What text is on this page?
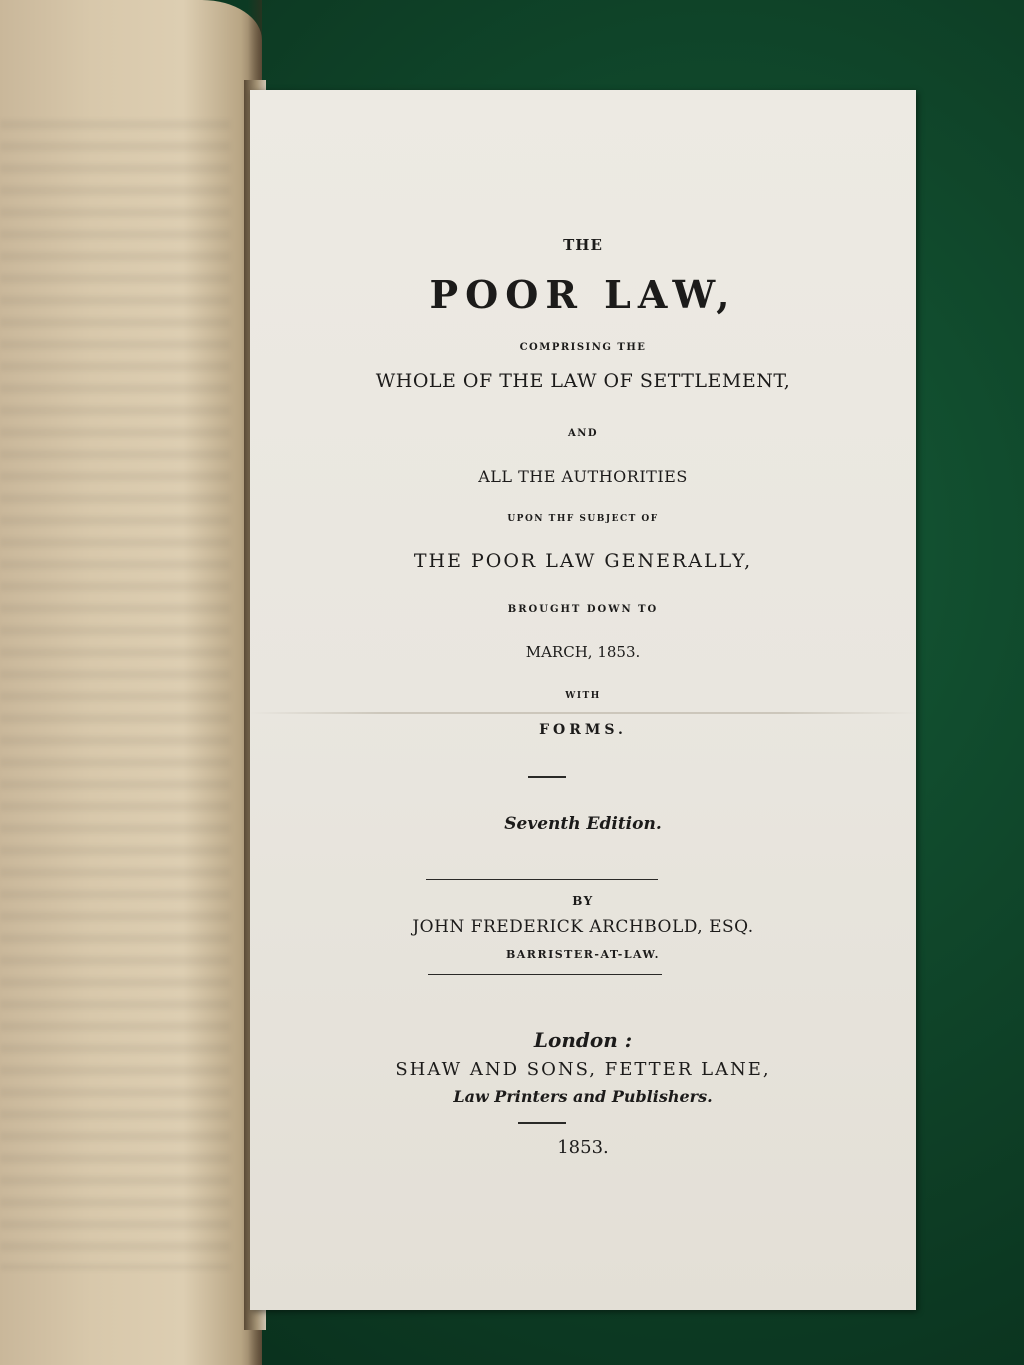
THE
POOR LAW,
COMPRISING THE
WHOLE OF THE LAW OF SETTLEMENT,
AND
ALL THE AUTHORITIES
UPON THF SUBJECT OF
THE POOR LAW GENERALLY,
BROUGHT DOWN TO
MARCH, 1853.
WITH
FORMS.
Seventh Edition.
BY
JOHN FREDERICK ARCHBOLD, ESQ.
BARRISTER-AT-LAW.
London :
SHAW AND SONS, FETTER LANE,
Law Printers and Publishers.
1853.
